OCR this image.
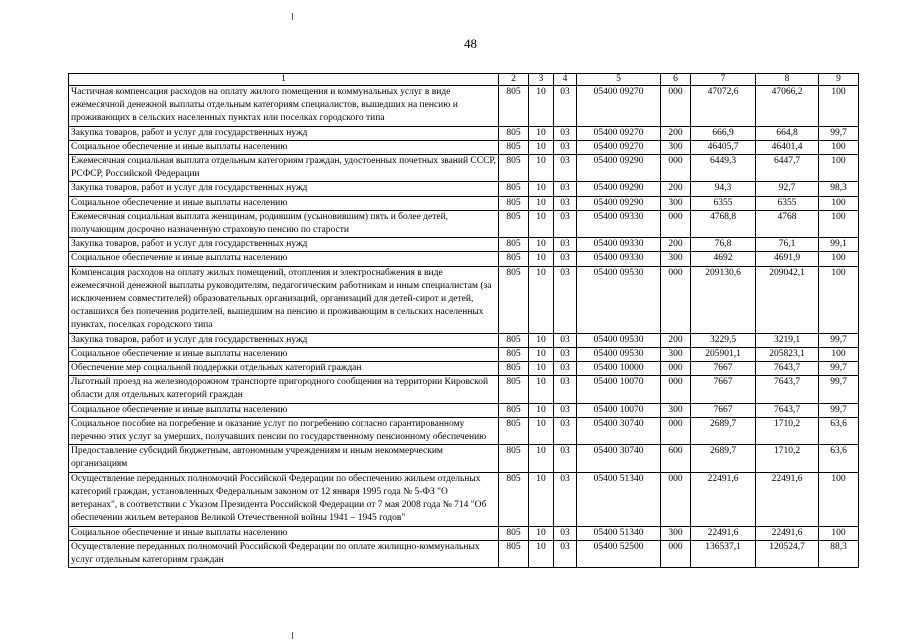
48
1	2	3	4	5	6	7	8	9
Частичная компенсация расходов на оплату жилого помещения и коммунальных услуг в виде ежемесячной денежной выплаты отдельным категориям специалистов, вышедших на пенсию и проживающих в сельских населенных пунктах или поселках городского типа	805	10	03	05400 09270	000	47072,6	47066,2	100
Закупка товаров, работ и услуг для государственных нужд	805	10	03	05400 09270	200	666,9	664,8	99,7
Социальное обеспечение и иные выплаты населению	805	10	03	05400 09270	300	46405,7	46401,4	100
Ежемесячная социальная выплата отдельным категориям граждан, удостоенных почетных званий СССР, РСФСР, Российской Федерации	805	10	03	05400 09290	000	6449,3	6447,7	100
Закупка товаров, работ и услуг для государственных нужд	805	10	03	05400 09290	200	94,3	92,7	98,3
Социальное обеспечение и иные выплаты населению	805	10	03	05400 09290	300	6355	6355	100
Ежемесячная социальная выплата женщинам, родившим (усыновившим) пять и более детей, получающим досрочно назначенную страховую пенсию по старости	805	10	03	05400 09330	000	4768,8	4768	100
Закупка товаров, работ и услуг для государственных нужд	805	10	03	05400 09330	200	76,8	76,1	99,1
Социальное обеспечение и иные выплаты населению	805	10	03	05400 09330	300	4692	4691,9	100
Компенсация расходов на оплату жилых помещений, отопления и электроснабжения в виде ежемесячной денежной выплаты руководителям, педагогическим работникам и иным специалистам (за исключением совместителей) образовательных организаций, организаций для детей-сирот и детей, оставшихся без попечения родителей, вышедшим на пенсию и проживающим в сельских населенных пунктах, поселках городского типа	805	10	03	05400 09530	000	209130,6	209042,1	100
Закупка товаров, работ и услуг для государственных нужд	805	10	03	05400 09530	200	3229,5	3219,1	99,7
Социальное обеспечение и иные выплаты населению	805	10	03	05400 09530	300	205901,1	205823,1	100
Обеспечение мер социальной поддержки отдельных категорий граждан	805	10	03	05400 10000	000	7667	7643,7	99,7
Льготный проезд на железнодорожном транспорте пригородного сообщения на территории Кировской области для отдельных категорий граждан	805	10	03	05400 10070	000	7667	7643,7	99,7
Социальное обеспечение и иные выплаты населению	805	10	03	05400 10070	300	7667	7643,7	99,7
Социальное пособие на погребение и оказание услуг по погребению согласно гарантированному перечню этих услуг за умерших, получавших пенсии по государственному пенсионному обеспечению	805	10	03	05400 30740	000	2689,7	1710,2	63,6
Предоставление субсидий бюджетным, автономным учреждениям и иным некоммерческим организациям	805	10	03	05400 30740	600	2689,7	1710,2	63,6
Осуществление переданных полномочий Российской Федерации по обеспечению жильем отдельных категорий граждан, установленных Федеральным законом от 12 января 1995 года № 5-ФЗ "О ветеранах", в соответствии с Указом Президента Российской Федерации от 7 мая 2008 года № 714 "Об обеспечении жильем ветеранов Великой Отечественной войны 1941 – 1945 годов"	805	10	03	05400 51340	000	22491,6	22491,6	100
Социальное обеспечение и иные выплаты населению	805	10	03	05400 51340	300	22491,6	22491,6	100
Осуществление переданных полномочий Российской Федерации по оплате жилищно-коммунальных услуг отдельным категориям граждан	805	10	03	05400 52500	000	136537,1	120524,7	88,3
